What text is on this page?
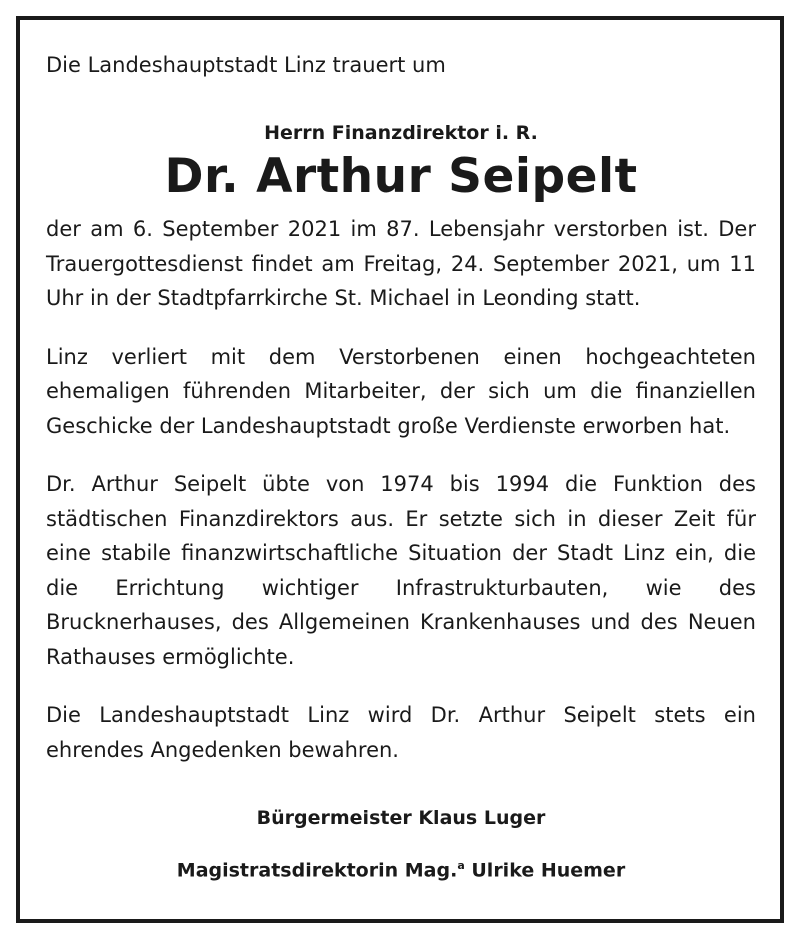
Die Landeshauptstadt Linz trauert um

Herrn Finanzdirektor i. R.

Dr. Arthur Seipelt

der am 6. September 2021 im 87. Lebensjahr verstorben ist. Der Trauergottesdienst findet am Freitag, 24. September 2021, um 11 Uhr in der Stadtpfarrkirche St. Michael in Leonding statt.

Linz verliert mit dem Verstorbenen einen hochgeachteten ehemaligen führenden Mitarbeiter, der sich um die finanziellen Geschicke der Landeshauptstadt große Verdienste erworben hat.

Dr. Arthur Seipelt übte von 1974 bis 1994 die Funktion des städtischen Finanzdirektors aus. Er setzte sich in dieser Zeit für eine stabile finanzwirtschaftliche Situation der Stadt Linz ein, die die Errichtung wichtiger Infrastrukturbauten, wie des Brucknerhauses, des Allgemeinen Krankenhauses und des Neuen Rathauses ermöglichte.

Die Landeshauptstadt Linz wird Dr. Arthur Seipelt stets ein ehrendes Angedenken bewahren.

Bürgermeister Klaus Luger

Magistratsdirektorin Mag.$^a$ Ulrike Huemer
